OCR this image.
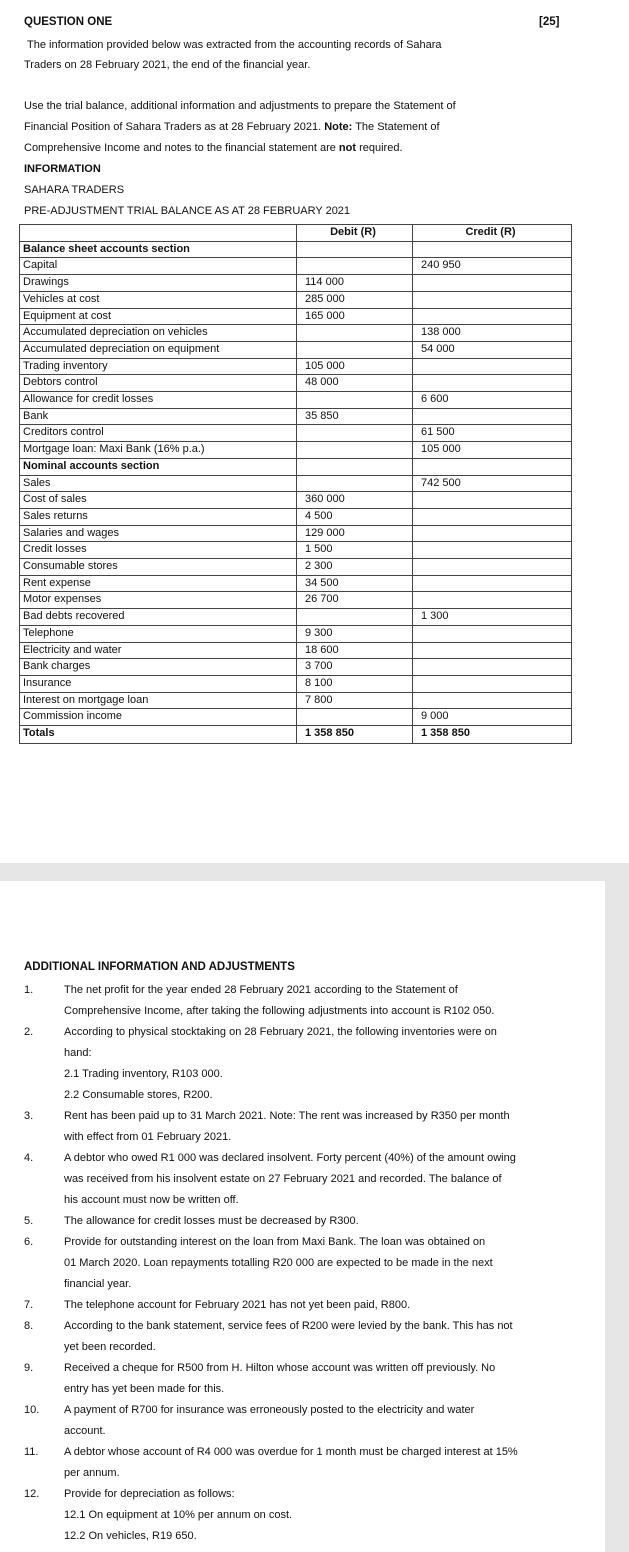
QUESTION ONE	[25]
The information provided below was extracted from the accounting records of Sahara
Traders on 28 February 2021, the end of the financial year.
Use the trial balance, additional information and adjustments to prepare the Statement of
Financial Position of Sahara Traders as at 28 February 2021. Note: The Statement of
Comprehensive Income and notes to the financial statement are not required.
INFORMATION
SAHARA TRADERS
PRE-ADJUSTMENT TRIAL BALANCE AS AT 28 FEBRUARY 2021
	Debit (R)	Credit (R)
Balance sheet accounts section		
Capital		240 950
Drawings	114 000	
Vehicles at cost	285 000	
Equipment at cost	165 000	
Accumulated depreciation on vehicles		138 000
Accumulated depreciation on equipment		54 000
Trading inventory	105 000	
Debtors control	48 000	
Allowance for credit losses		6 600
Bank	35 850	
Creditors control		61 500
Mortgage loan: Maxi Bank (16% p.a.)		105 000
Nominal accounts section		
Sales		742 500
Cost of sales	360 000	
Sales returns	4 500	
Salaries and wages	129 000	
Credit losses	1 500	
Consumable stores	2 300	
Rent expense	34 500	
Motor expenses	26 700	
Bad debts recovered		1 300
Telephone	9 300	
Electricity and water	18 600	
Bank charges	3 700	
Insurance	8 100	
Interest on mortgage loan	7 800	
Commission income		9 000
Totals	1 358 850	1 358 850
ADDITIONAL INFORMATION AND ADJUSTMENTS
1.	The net profit for the year ended 28 February 2021 according to the Statement of
Comprehensive Income, after taking the following adjustments into account is R102 050.
2.	According to physical stocktaking on 28 February 2021, the following inventories were on
hand:
2.1 Trading inventory, R103 000.
2.2 Consumable stores, R200.
3.	Rent has been paid up to 31 March 2021. Note: The rent was increased by R350 per month
with effect from 01 February 2021.
4.	A debtor who owed R1 000 was declared insolvent. Forty percent (40%) of the amount owing
was received from his insolvent estate on 27 February 2021 and recorded. The balance of
his account must now be written off.
5.	The allowance for credit losses must be decreased by R300.
6.	Provide for outstanding interest on the loan from Maxi Bank. The loan was obtained on
01 March 2020. Loan repayments totalling R20 000 are expected to be made in the next
financial year.
7.	The telephone account for February 2021 has not yet been paid, R800.
8.	According to the bank statement, service fees of R200 were levied by the bank. This has not
yet been recorded.
9.	Received a cheque for R500 from H. Hilton whose account was written off previously. No
entry has yet been made for this.
10. A payment of R700 for insurance was erroneously posted to the electricity and water
account.
11. A debtor whose account of R4 000 was overdue for 1 month must be charged interest at 15%
per annum.
12. Provide for depreciation as follows:
12.1 On equipment at 10% per annum on cost.
12.2 On vehicles, R19 650.
